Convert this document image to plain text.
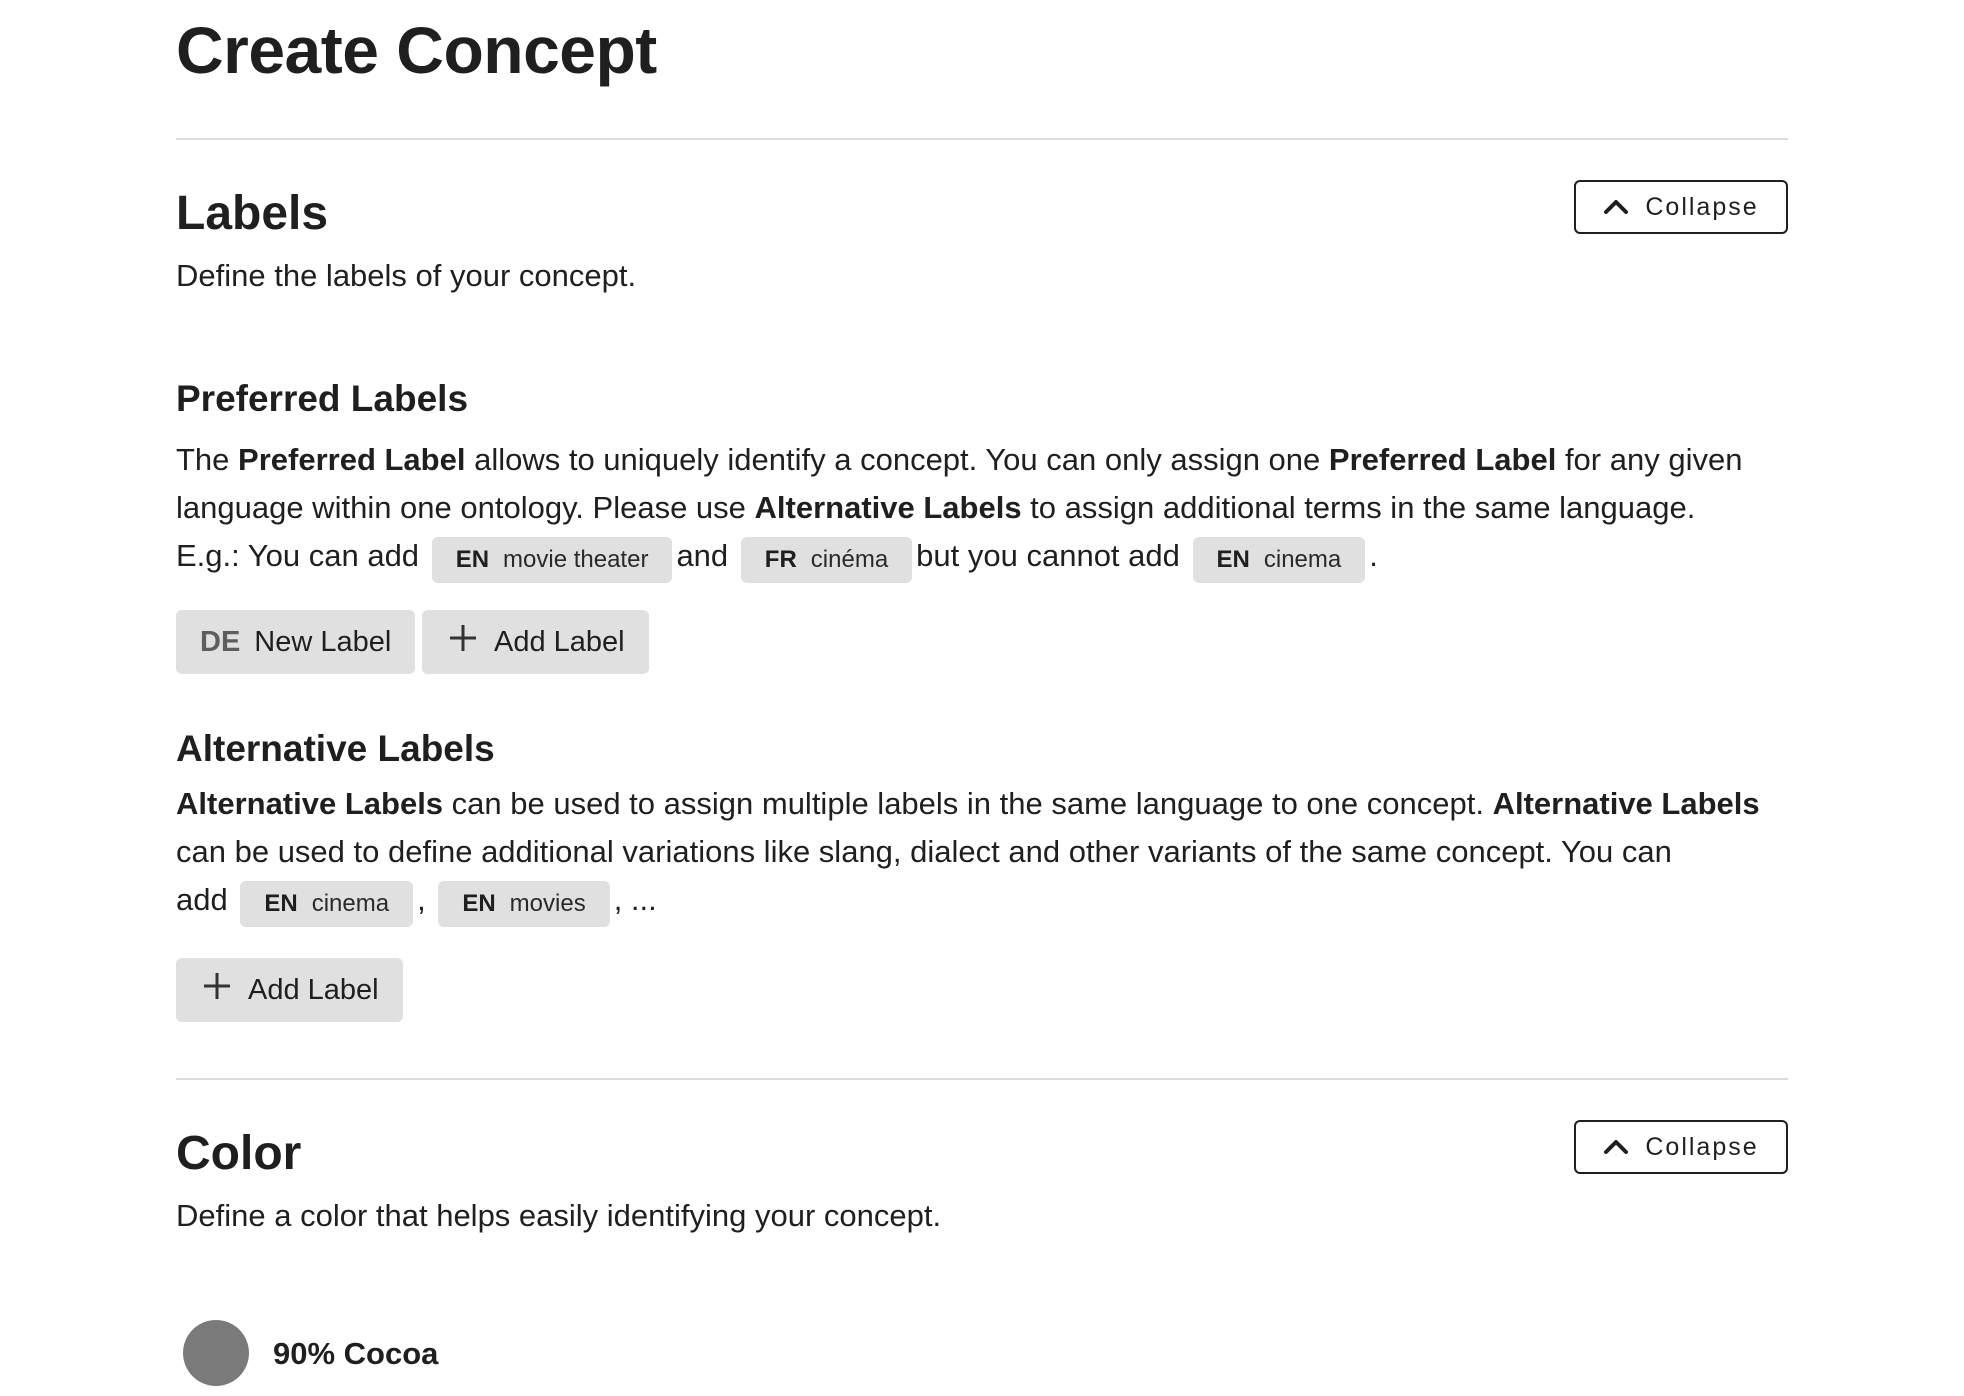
Create Concept
Labels	Collapse

Define the labels of your concept.

Preferred Labels
The Preferred Label allows to uniquely identify a concept. You can only assign one Preferred Label for any given
language within one ontology. Please use Alternative Labels to assign additional terms in the same language.
E.g.: You can add EN movie theater and FR cinéma but you cannot add EN cinema .
DE New Label	Add Label
Alternative Labels
Alternative Labels can be used to assign multiple labels in the same language to one concept. Alternative Labels
can be used to define additional variations like slang, dialect and other variants of the same concept. You can
add EN cinema , EN movies , ...
Add Label
Color	Collapse

Define a color that helps easily identifying your concept.

90% Cocoa
